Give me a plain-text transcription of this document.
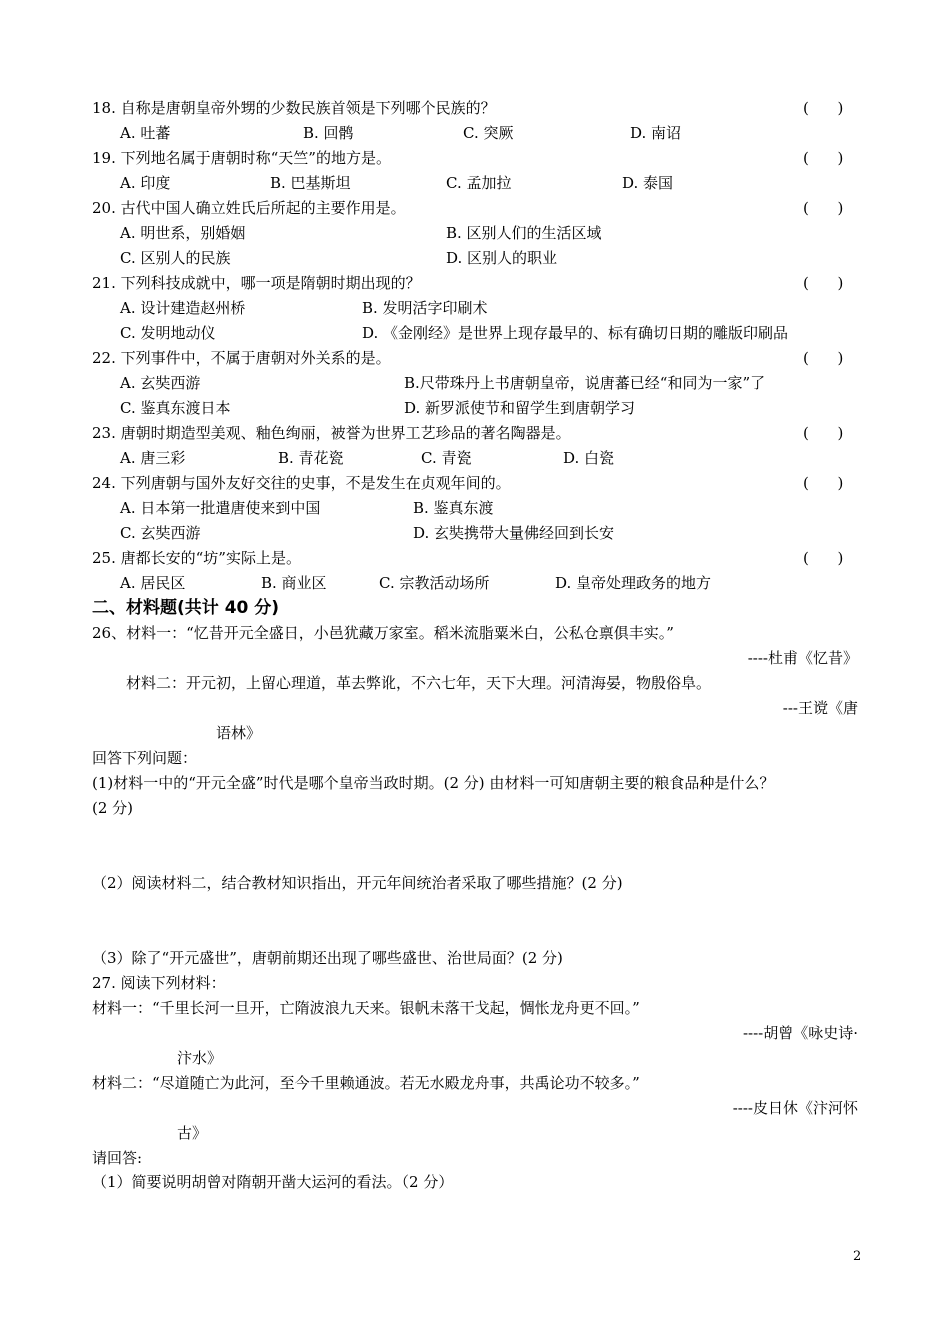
18. 自称是唐朝皇帝外甥的少数民族首领是下列哪个民族的？	(      )
A. 吐蕃	B. 回鹘	C. 突厥	D. 南诏
19. 下列地名属于唐朝时称“天竺”的地方是。	(      )
A. 印度	B. 巴基斯坦	C. 孟加拉	D. 泰国
20. 古代中国人确立姓氏后所起的主要作用是。	(      )
A. 明世系，别婚姻	B. 区别人们的生活区域
C. 区别人的民族	D. 区别人的职业
21. 下列科技成就中，哪一项是隋朝时期出现的？	(      )
A. 设计建造赵州桥	B. 发明活字印刷术
C. 发明地动仪	D. 《金刚经》是世界上现存最早的、标有确切日期的雕版印刷品
22. 下列事件中，不属于唐朝对外关系的是。	(      )
A. 玄奘西游	B.尺带珠丹上书唐朝皇帝，说唐蕃已经“和同为一家”了
C. 鉴真东渡日本	D. 新罗派使节和留学生到唐朝学习
23. 唐朝时期造型美观、釉色绚丽，被誉为世界工艺珍品的著名陶器是。	(      )
A. 唐三彩	B. 青花瓷	C. 青瓷	D. 白瓷
24. 下列唐朝与国外友好交往的史事，不是发生在贞观年间的。	(      )
A. 日本第一批遣唐使来到中国	B. 鉴真东渡
C. 玄奘西游	D. 玄奘携带大量佛经回到长安
25. 唐都长安的“坊”实际上是。	(      )
A. 居民区	B. 商业区	C. 宗教活动场所	D. 皇帝处理政务的地方
二、材料题(共计 40 分)
26、材料一：“忆昔开元全盛日，小邑犹藏万家室。稻米流脂粟米白，公私仓禀俱丰实。”
----杜甫《忆昔》
材料二：开元初，上留心理道，革去弊讹，不六七年，天下大理。河清海晏，物殷俗阜。
---王谠《唐
语林》
回答下列问题：
(1)材料一中的“开元全盛”时代是哪个皇帝当政时期。(2 分) 由材料一可知唐朝主要的粮食品种是什么？
(2 分)
（2）阅读材料二，结合教材知识指出，开元年间统治者采取了哪些措施？(2 分)
（3）除了“开元盛世”，唐朝前期还出现了哪些盛世、治世局面？(2 分)
27. 阅读下列材料：
材料一：“千里长河一旦开，亡隋波浪九天来。银帆未落干戈起，惆怅龙舟更不回。”
----胡曾《咏史诗·
汴水》
材料二：“尽道随亡为此河，至今千里赖通波。若无水殿龙舟事，共禹论功不较多。”
----皮日休《汴河怀
古》
请回答:
（1）简要说明胡曾对隋朝开凿大运河的看法。（2 分）
2
